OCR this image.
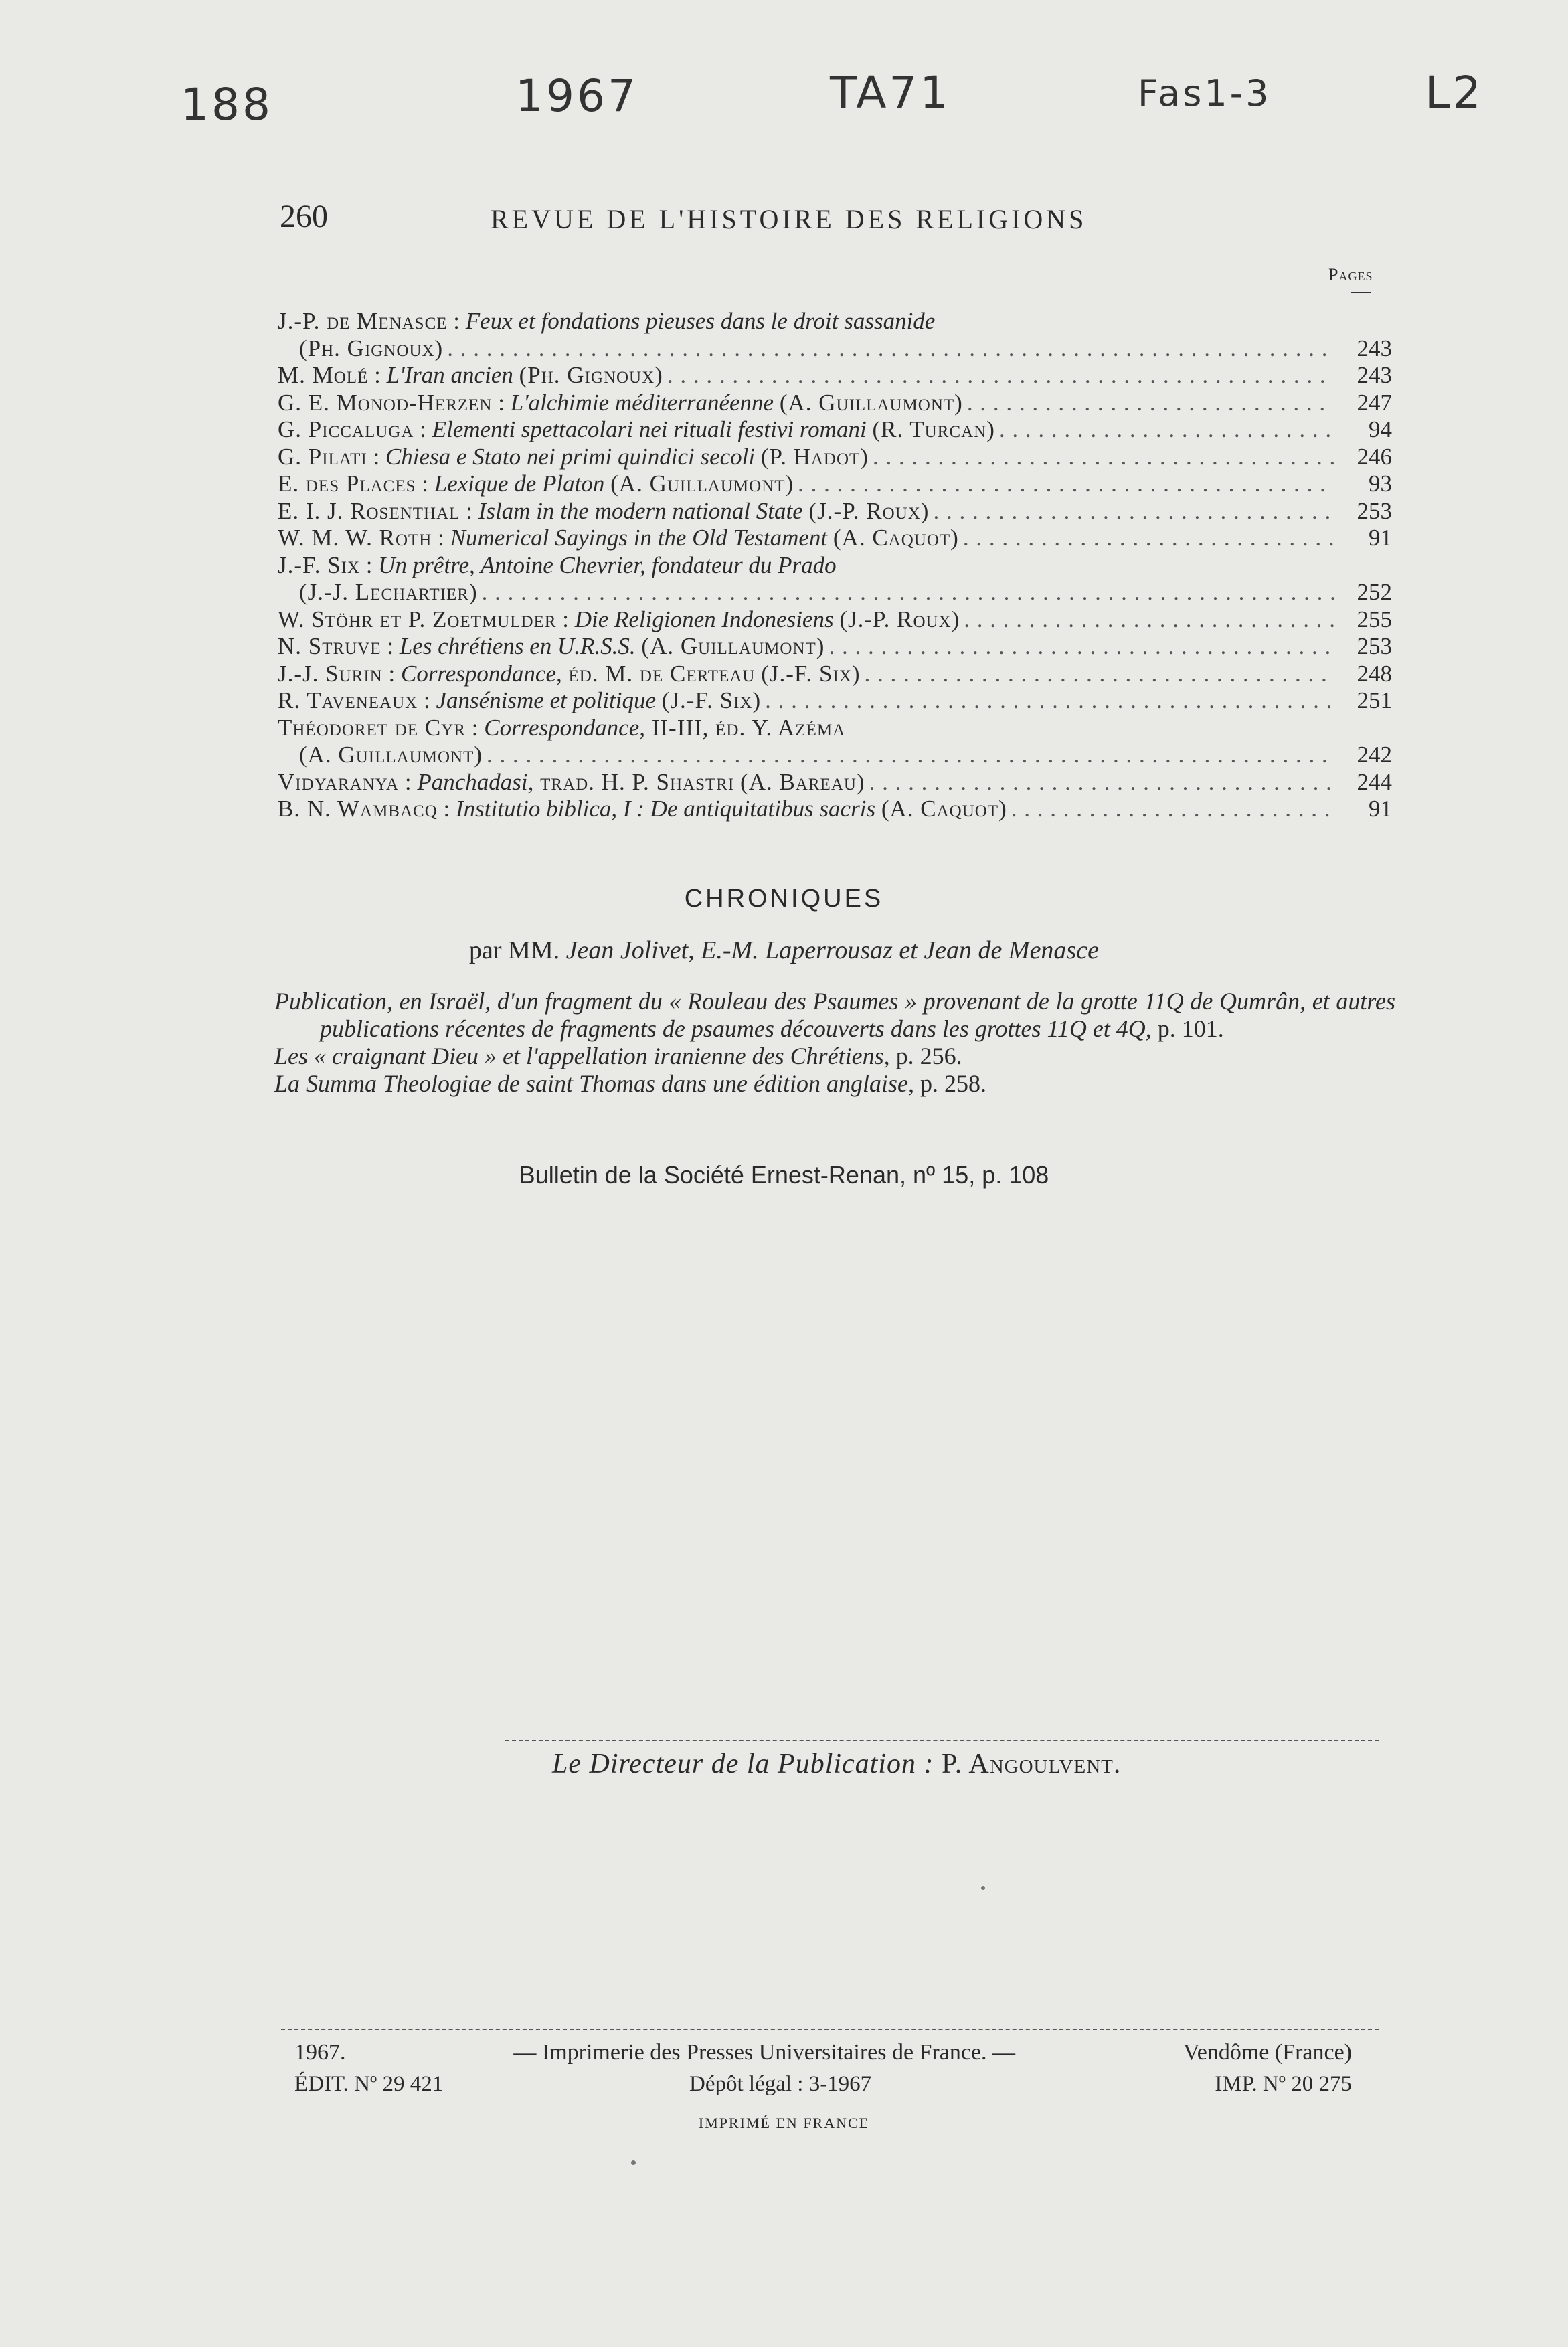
188	1967	TA71	Fas1-3	L2
260	REVUE DE L'HISTOIRE DES RELIGIONS
Pages
J.-P. de Menasce : Feux et fondations pieuses dans le droit sassanide
(Ph. Gignoux) . . .	243
M. Molé : L'Iran ancien (Ph. Gignoux) . . .	243
G. E. Monod-Herzen : L'alchimie méditerranéenne (A. Guillaumont) . . .	247
G. Piccaluga : Elementi spettacolari nei rituali festivi romani (R. Turcan) . . .	94
G. Pilati : Chiesa e Stato nei primi quindici secoli (P. Hadot) . . .	246
E. des Places : Lexique de Platon (A. Guillaumont) . . .	93
E. I. J. Rosenthal : Islam in the modern national State (J.-P. Roux) . . .	253
W. M. W. Roth : Numerical Sayings in the Old Testament (A. Caquot) . . .	91
J.-F. Six : Un prêtre, Antoine Chevrier, fondateur du Prado
(J.-J. Lechartier) . . .	252
W. Stöhr et P. Zoetmulder : Die Religionen Indonesiens (J.-P. Roux) . . .	255
N. Struve : Les chrétiens en U.R.S.S. (A. Guillaumont) . . .	253
J.-J. Surin : Correspondance, éd. M. de Certeau (J.-F. Six) . . .	248
R. Taveneaux : Jansénisme et politique (J.-F. Six) . . .	251
Théodoret de Cyr : Correspondance, II-III, éd. Y. Azéma
(A. Guillaumont) . . .	242
Vidyaranya : Panchadasi, trad. H. P. Shastri (A. Bareau) . . .	244
B. N. Wambacq : Institutio biblica, I : De antiquitatibus sacris (A. Caquot) . . .	91
CHRONIQUES
par MM. Jean Jolivet, E.-M. Laperrousaz et Jean de Menasce
Publication, en Israël, d'un fragment du « Rouleau des Psaumes » provenant de la grotte 11Q de Qumrân, et autres publications récentes de fragments de psaumes découverts dans les grottes 11Q et 4Q, p. 101.
Les « craignant Dieu » et l'appellation iranienne des Chrétiens, p. 256.
La Summa Theologiae de saint Thomas dans une édition anglaise, p. 258.
Bulletin de la Société Ernest-Renan, nº 15, p. 108
Le Directeur de la Publication : P. Angoulvent.
1967.	— Imprimerie des Presses Universitaires de France. —	Vendôme (France)
ÉDIT. Nº 29 421	Dépôt légal : 3-1967	IMP. Nº 20 275
IMPRIMÉ EN FRANCE
